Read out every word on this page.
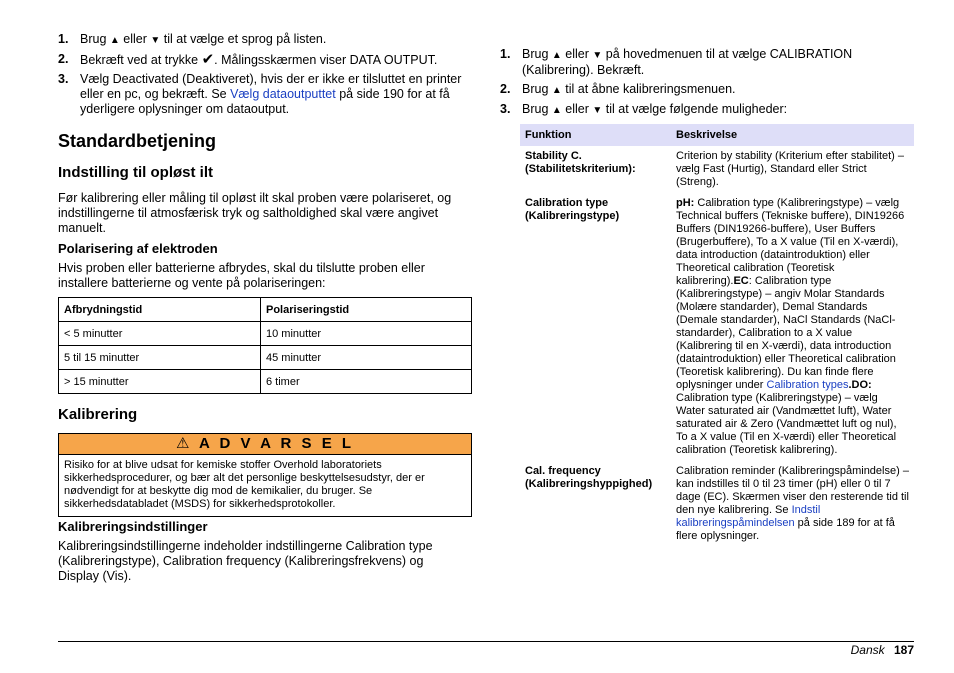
1. Brug ▲ eller ▼ til at vælge et sprog på listen.
2. Bekræft ved at trykke ✔. Målingsskærmen viser DATA OUTPUT.
3. Vælg Deactivated (Deaktiveret), hvis der er ikke er tilsluttet en printer eller en pc, og bekræft. Se Vælg dataoutputtet på side 190 for at få yderligere oplysninger om dataoutput.
Standardbetjening
Indstilling til opløst ilt

Før kalibrering eller måling til opløst ilt skal proben være polariseret, og indstillingerne til atmosfærisk tryk og saltholdighed skal være angivet manuelt.

Polarisering af elektroden

Hvis proben eller batterierne afbrydes, skal du tilslutte proben eller installere batterierne og vente på polariseringen:

Afbrydningstid	Polariseringstid
< 5 minutter	10 minutter
5 til 15 minutter	45 minutter
> 15 minutter	6 timer
Kalibrering
⚠ A D V A R S E L
Risiko for at blive udsat for kemiske stoffer Overhold laboratoriets sikkerhedsprocedurer, og bær alt det personlige beskyttelsesudstyr, der er nødvendigt for at beskytte dig mod de kemikalier, du bruger. Se sikkerhedsdatabladet (MSDS) for sikkerhedsprotokoller.
Kalibreringsindstillinger

Kalibreringsindstillingerne indeholder indstillingerne Calibration type (Kalibreringstype), Calibration frequency (Kalibreringsfrekvens) og Display (Vis).

1. Brug ▲ eller ▼ på hovedmenuen til at vælge CALIBRATION (Kalibrering). Bekræft.
2. Brug ▲ til at åbne kalibreringsmenuen.
3. Brug ▲ eller ▼ til at vælge følgende muligheder:
Funktion	Beskrivelse
Stability C. (Stabilitetskriterium):	Criterion by stability (Kriterium efter stabilitet) – vælg Fast (Hurtig), Standard eller Strict (Streng).
Calibration type (Kalibreringstype)	pH: Calibration type (Kalibreringstype) – vælg Technical buffers (Tekniske buffere), DIN19266 Buffers (DIN19266-buffere), User Buffers (Brugerbuffere), To a X value (Til en X-værdi), data introduction (dataintroduktion) eller Theoretical calibration (Teoretisk kalibrering).EC: Calibration type (Kalibreringstype) – angiv Molar Standards (Molære standarder), Demal Standards (Demale standarder), NaCl Standards (NaCl-standarder), Calibration to a X value (Kalibrering til en X-værdi), data introduction (dataintroduktion) eller Theoretical calibration (Teoretisk kalibrering). Du kan finde flere oplysninger under Calibration types.DO: Calibration type (Kalibreringstype) – vælg Water saturated air (Vandmættet luft), Water saturated air & Zero (Vandmættet luft og nul), To a X value (Til en X-værdi) eller Theoretical calibration (Teoretisk kalibrering).
Cal. frequency (Kalibreringshyppighed)	Calibration reminder (Kalibreringspåmindelse) – kan indstilles til 0 til 23 timer (pH) eller 0 til 7 dage (EC). Skærmen viser den resterende tid til den nye kalibrering. Se Indstil kalibreringspåmindelsen på side 189 for at få flere oplysninger.
Dansk 187
